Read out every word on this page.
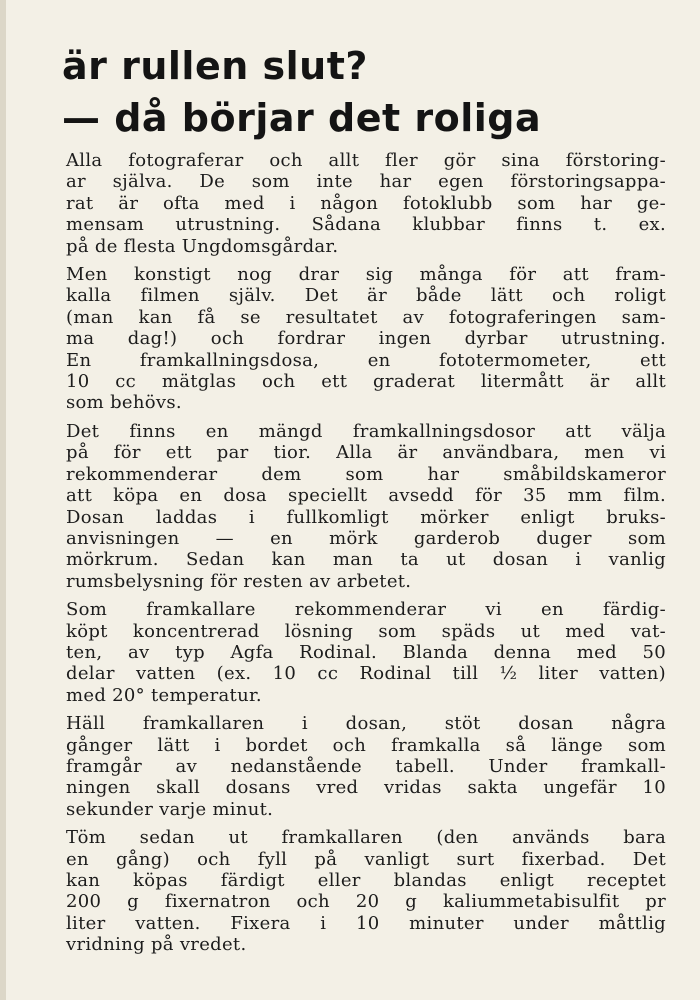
är rullen slut?
— då börjar det roliga

Alla fotograferar och allt fler gör sina förstoring-
ar själva. De som inte har egen förstoringsappa-
rat är ofta med i någon fotoklubb som har ge-
mensam utrustning. Sådana klubbar finns t. ex.
på de flesta Ungdomsgårdar.

Men konstigt nog drar sig många för att fram-
kalla filmen själv. Det är både lätt och roligt
(man kan få se resultatet av fotograferingen sam-
ma dag!) och fordrar ingen dyrbar utrustning.
En framkallningsdosa, en fototermometer, ett
10 cc mätglas och ett graderat litermått är allt
som behövs.

Det finns en mängd framkallningsdosor att välja
på för ett par tior. Alla är användbara, men vi
rekommenderar dem som har småbildskameror
att köpa en dosa speciellt avsedd för 35 mm film.
Dosan laddas i fullkomligt mörker enligt bruks-
anvisningen — en mörk garderob duger som
mörkrum. Sedan kan man ta ut dosan i vanlig
rumsbelysning för resten av arbetet.

Som framkallare rekommenderar vi en färdig-
köpt koncentrerad lösning som späds ut med vat-
ten, av typ Agfa Rodinal. Blanda denna med 50
delar vatten (ex. 10 cc Rodinal till ½ liter vatten)
med 20° temperatur.

Häll framkallaren i dosan, stöt dosan några
gånger lätt i bordet och framkalla så länge som
framgår av nedanstående tabell. Under framkall-
ningen skall dosans vred vridas sakta ungefär 10
sekunder varje minut.

Töm sedan ut framkallaren (den används bara
en gång) och fyll på vanligt surt fixerbad. Det
kan köpas färdigt eller blandas enligt receptet
200 g fixernatron och 20 g kaliummetabisulfit pr
liter vatten. Fixera i 10 minuter under måttlig
vridning på vredet.
